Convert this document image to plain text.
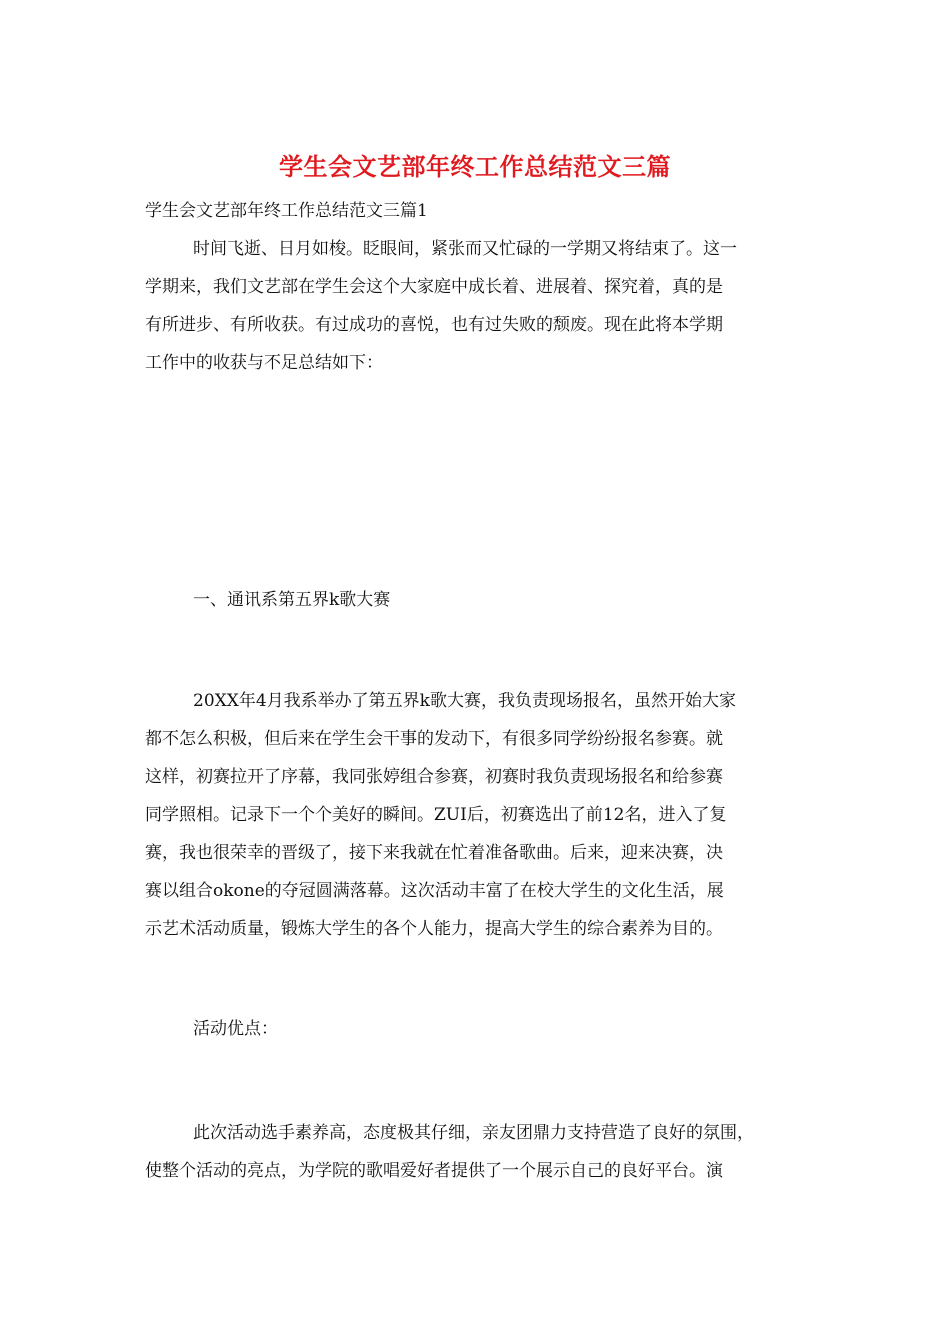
学生会文艺部年终工作总结范文三篇
学生会文艺部年终工作总结范文三篇1

时间飞逝、日月如梭。眨眼间，紧张而又忙碌的一学期又将结束了。这一
学期来，我们文艺部在学生会这个大家庭中成长着、进展着、探究着，真的是
有所进步、有所收获。有过成功的喜悦，也有过失败的颓废。现在此将本学期
工作中的收获与不足总结如下：

一、通讯系第五界k歌大赛

20XX年4月我系举办了第五界k歌大赛，我负责现场报名，虽然开始大家
都不怎么积极，但后来在学生会干事的发动下，有很多同学纷纷报名参赛。就
这样，初赛拉开了序幕，我同张婷组合参赛，初赛时我负责现场报名和给参赛
同学照相。记录下一个个美好的瞬间。ZUI后，初赛选出了前12名，进入了复
赛，我也很荣幸的晋级了，接下来我就在忙着准备歌曲。后来，迎来决赛，决
赛以组合okone的夺冠圆满落幕。这次活动丰富了在校大学生的文化生活，展
示艺术活动质量，锻炼大学生的各个人能力，提高大学生的综合素养为目的。

活动优点：

此次活动选手素养高，态度极其仔细，亲友团鼎力支持营造了良好的氛围，
使整个活动的亮点，为学院的歌唱爱好者提供了一个展示自己的良好平台。演
